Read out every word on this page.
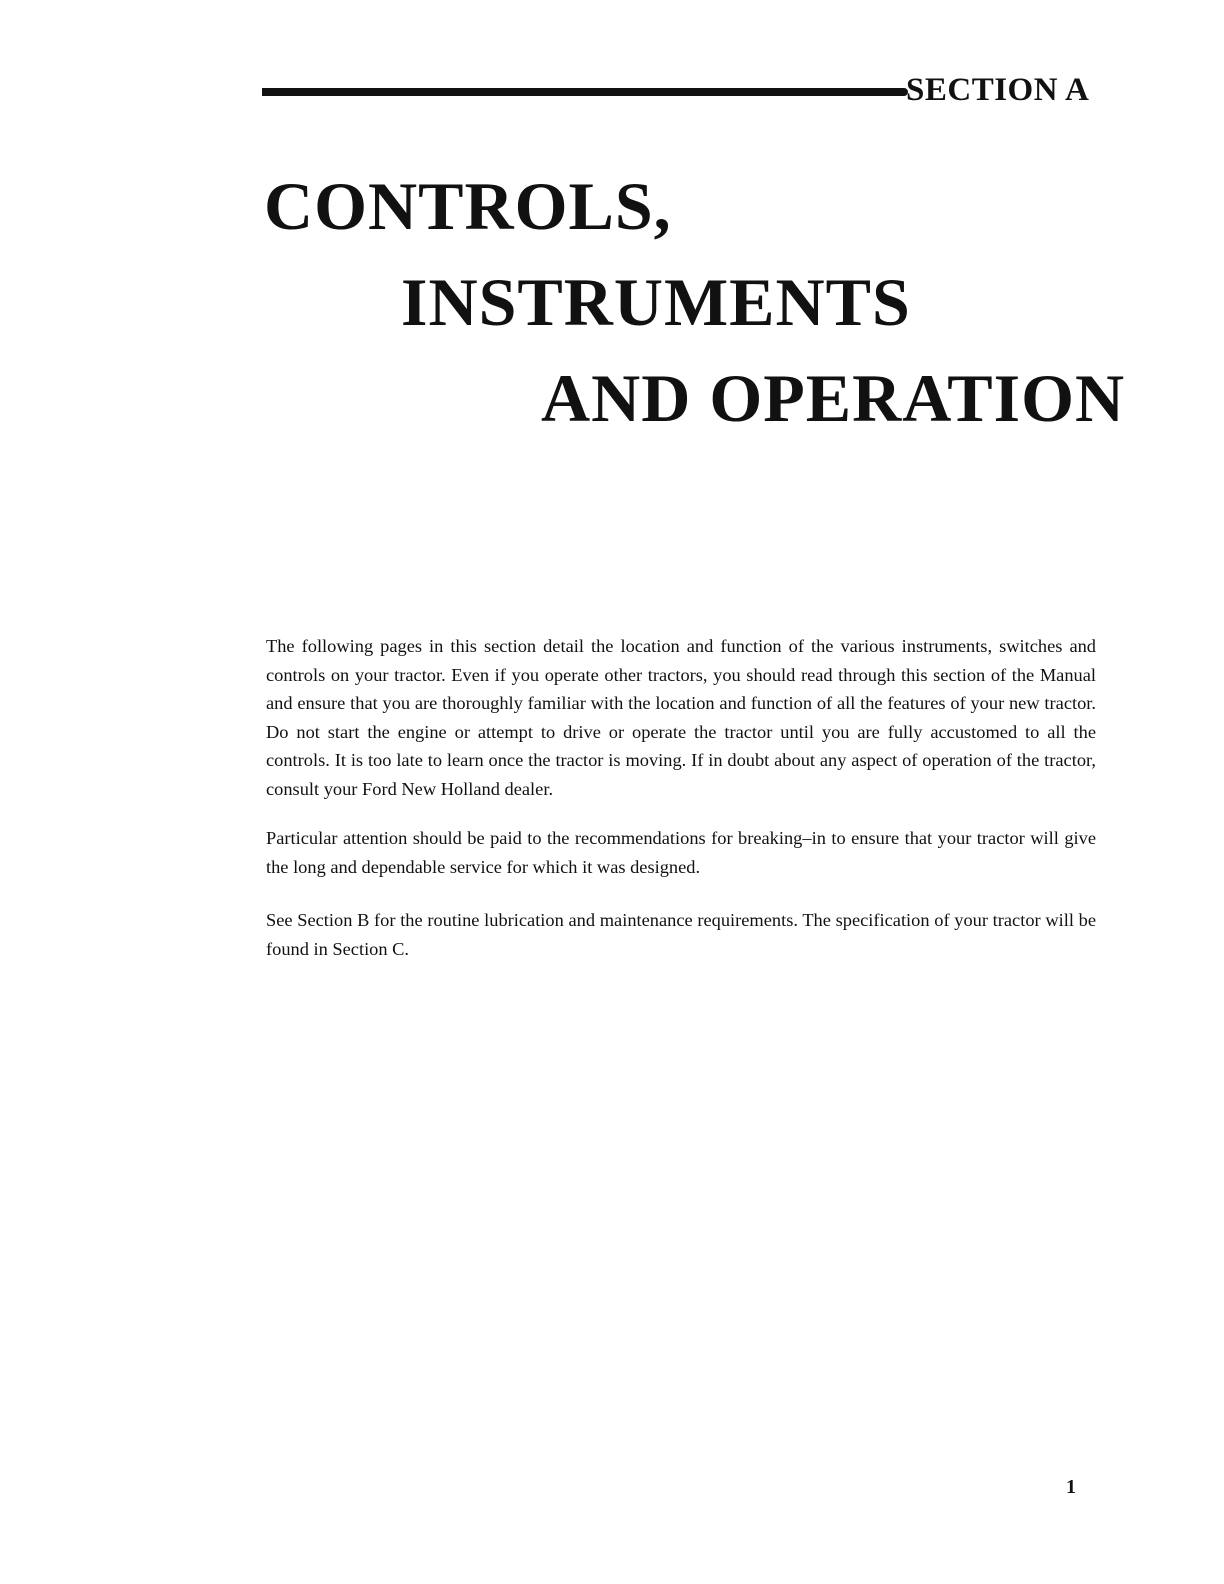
SECTION A
CONTROLS,
INSTRUMENTS
AND OPERATION

The following pages in this section detail the location and function of the various instruments, switches and controls on your tractor. Even if you operate other tractors, you should read through this section of the Manual and ensure that you are thoroughly familiar with the location and function of all the features of your new tractor. Do not start the engine or attempt to drive or operate the tractor until you are fully accustomed to all the controls. It is too late to learn once the tractor is moving. If in doubt about any aspect of operation of the tractor, consult your Ford New Holland dealer.

Particular attention should be paid to the recommendations for breaking–in to ensure that your tractor will give the long and dependable service for which it was designed.

See Section B for the routine lubrication and maintenance requirements. The specification of your tractor will be found in Section C.

1
